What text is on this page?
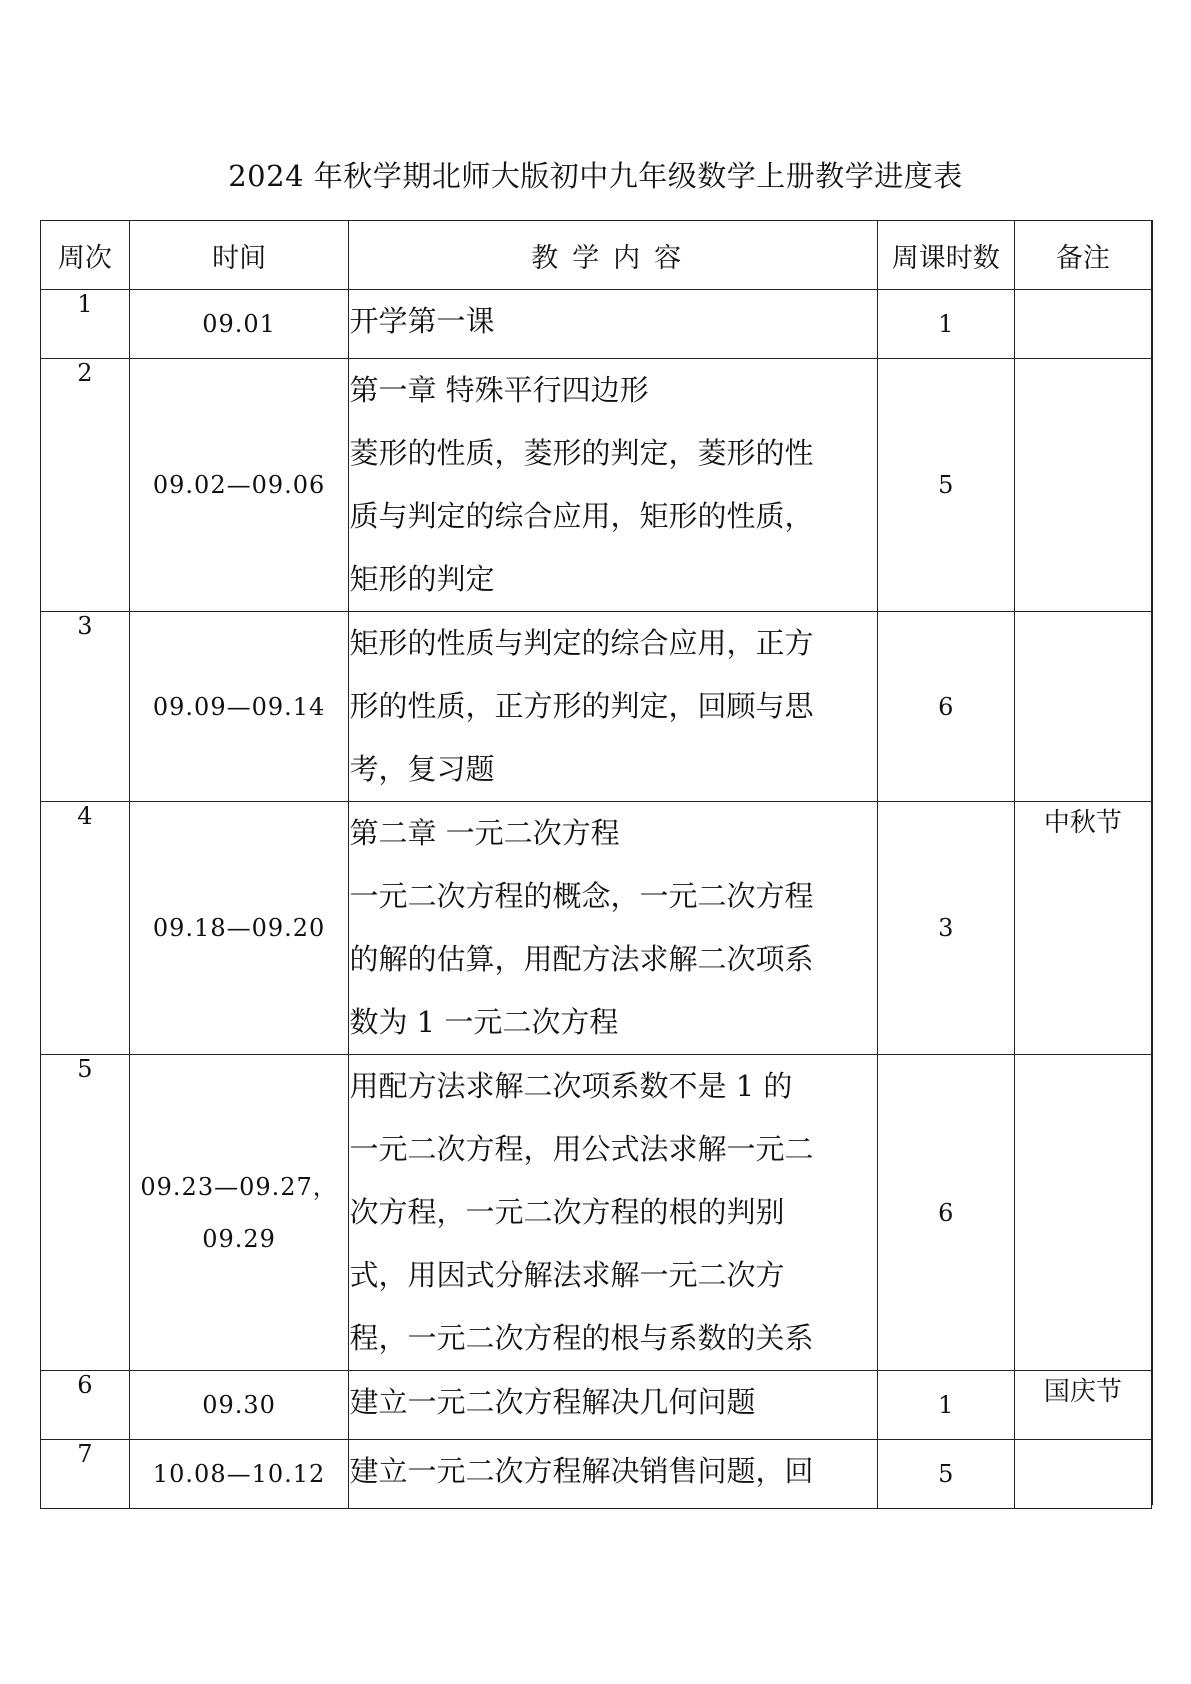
2024 年秋学期北师大版初中九年级数学上册教学进度表
周次	时间	教学内容	周课时数	备注
1	09.01	开学第一课	1	
2	09.02—09.06	第一章 特殊平行四边形
菱形的性质，菱形的判定，菱形的性
质与判定的综合应用，矩形的性质，
矩形的判定	5	
3	09.09—09.14	矩形的性质与判定的综合应用，正方
形的性质，正方形的判定，回顾与思
考，复习题	6	
4	09.18—09.20	第二章 一元二次方程
一元二次方程的概念，一元二次方程
的解的估算，用配方法求解二次项系
数为 1 一元二次方程	3	中秋节
5	09.23—09.27， 09.29	用配方法求解二次项系数不是 1 的
一元二次方程，用公式法求解一元二
次方程，一元二次方程的根的判别
式，用因式分解法求解一元二次方
程，一元二次方程的根与系数的关系	6	
6	09.30	建立一元二次方程解决几何问题	1	国庆节
7	10.08—10.12	建立一元二次方程解决销售问题，回	5	
